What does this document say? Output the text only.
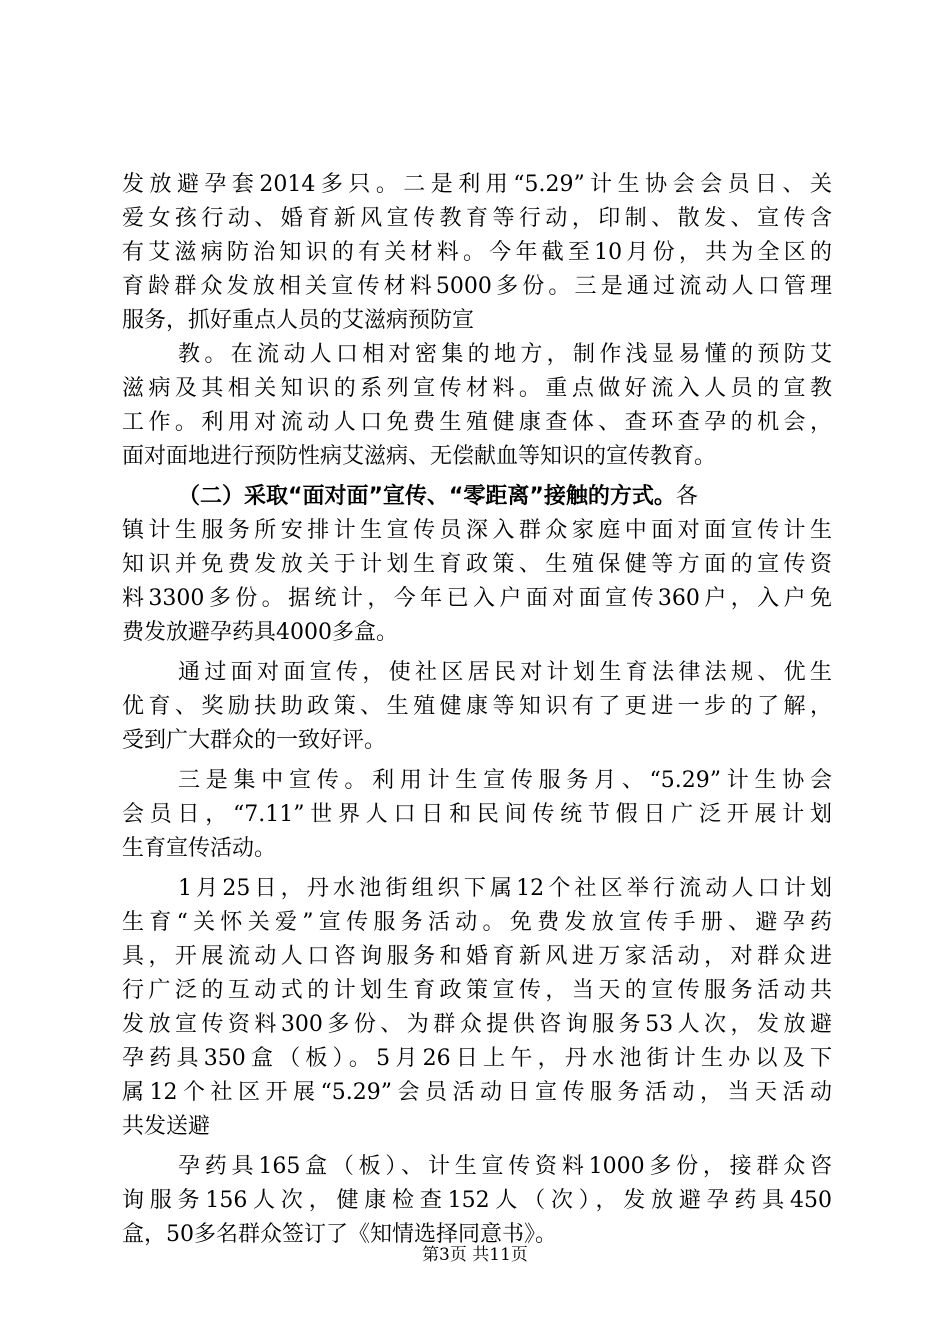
发放避孕套2014多只。二是利用“5.29”计生协会会员日、关
爱女孩行动、婚育新风宣传教育等行动，印制、散发、宣传含
有艾滋病防治知识的有关材料。今年截至10月份，共为全区的
育龄群众发放相关宣传材料5000多份。三是通过流动人口管理
服务，抓好重点人员的艾滋病预防宣
教。在流动人口相对密集的地方，制作浅显易懂的预防艾
滋病及其相关知识的系列宣传材料。重点做好流入人员的宣教
工作。利用对流动人口免费生殖健康查体、查环查孕的机会，
面对面地进行预防性病艾滋病、无偿献血等知识的宣传教育。
（二）采取“面对面”宣传、“零距离”接触的方式。各
镇计生服务所安排计生宣传员深入群众家庭中面对面宣传计生
知识并免费发放关于计划生育政策、生殖保健等方面的宣传资
料3300多份。据统计，今年已入户面对面宣传360户，入户免
费发放避孕药具4000多盒。
通过面对面宣传，使社区居民对计划生育法律法规、优生
优育、奖励扶助政策、生殖健康等知识有了更进一步的了解，
受到广大群众的一致好评。
三是集中宣传。利用计生宣传服务月、“5.29”计生协会
会员日，“7.11”世界人口日和民间传统节假日广泛开展计划
生育宣传活动。
1月25日，丹水池街组织下属12个社区举行流动人口计划
生育“关怀关爱”宣传服务活动。免费发放宣传手册、避孕药
具，开展流动人口咨询服务和婚育新风进万家活动，对群众进
行广泛的互动式的计划生育政策宣传，当天的宣传服务活动共
发放宣传资料300多份、为群众提供咨询服务53人次，发放避
孕药具350盒（板）。5月26日上午，丹水池街计生办以及下
属12个社区开展“5.29”会员活动日宣传服务活动，当天活动
共发送避
孕药具165盒（板）、计生宣传资料1000多份，接群众咨
询服务156人次，健康检查152人（次），发放避孕药具450
盒，50多名群众签订了《知情选择同意书》。
第3页 共11页
